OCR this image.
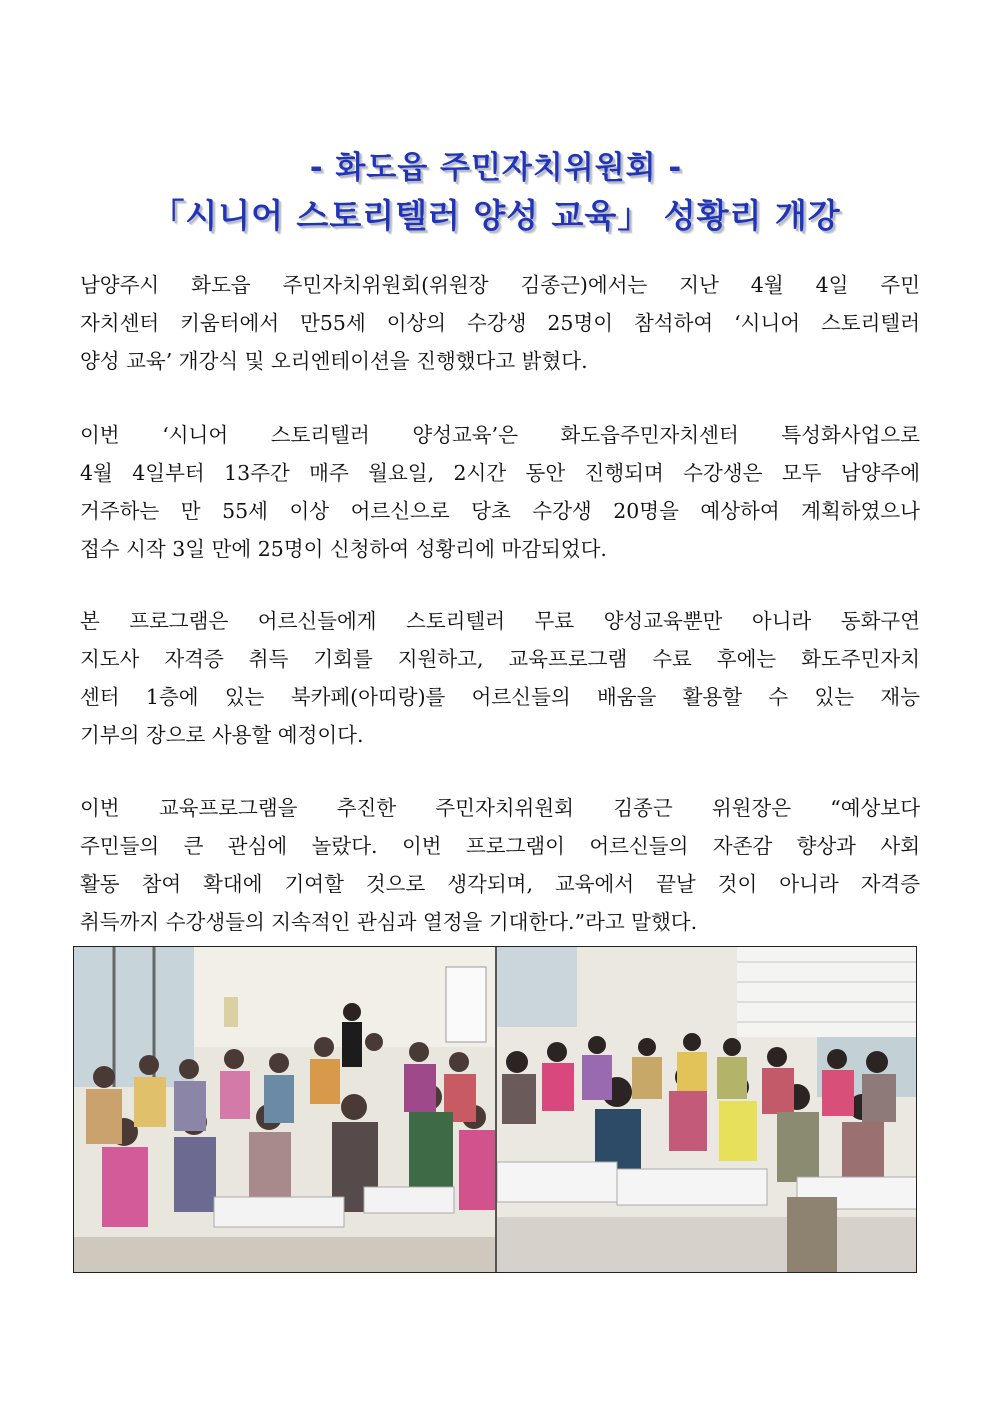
- 화도읍 주민자치위원회 -
「시니어 스토리텔러 양성 교육」 성황리 개강
남양주시 화도읍 주민자치위원회(위원장 김종근)에서는 지난 4월 4일 주민
자치센터 키움터에서 만55세 이상의 수강생 25명이 참석하여 ‘시니어 스토리텔러
양성 교육’ 개강식 및 오리엔테이션을 진행했다고 밝혔다.
이번 ‘시니어 스토리텔러 양성교육’은 화도읍주민자치센터 특성화사업으로
4월 4일부터 13주간 매주 월요일, 2시간 동안 진행되며 수강생은 모두 남양주에
거주하는 만 55세 이상 어르신으로 당초 수강생 20명을 예상하여 계획하였으나
접수 시작 3일 만에 25명이 신청하여 성황리에 마감되었다.
본 프로그램은 어르신들에게 스토리텔러 무료 양성교육뿐만 아니라 동화구연
지도사 자격증 취득 기회를 지원하고, 교육프로그램 수료 후에는 화도주민자치
센터 1층에 있는 북카페(아띠랑)를 어르신들의 배움을 활용할 수 있는 재능
기부의 장으로 사용할 예정이다.
이번 교육프로그램을 추진한 주민자치위원회 김종근 위원장은 “예상보다
주민들의 큰 관심에 놀랐다. 이번 프로그램이 어르신들의 자존감 향상과 사회
활동 참여 확대에 기여할 것으로 생각되며, 교육에서 끝날 것이 아니라 자격증
취득까지 수강생들의 지속적인 관심과 열정을 기대한다.”라고 말했다.
